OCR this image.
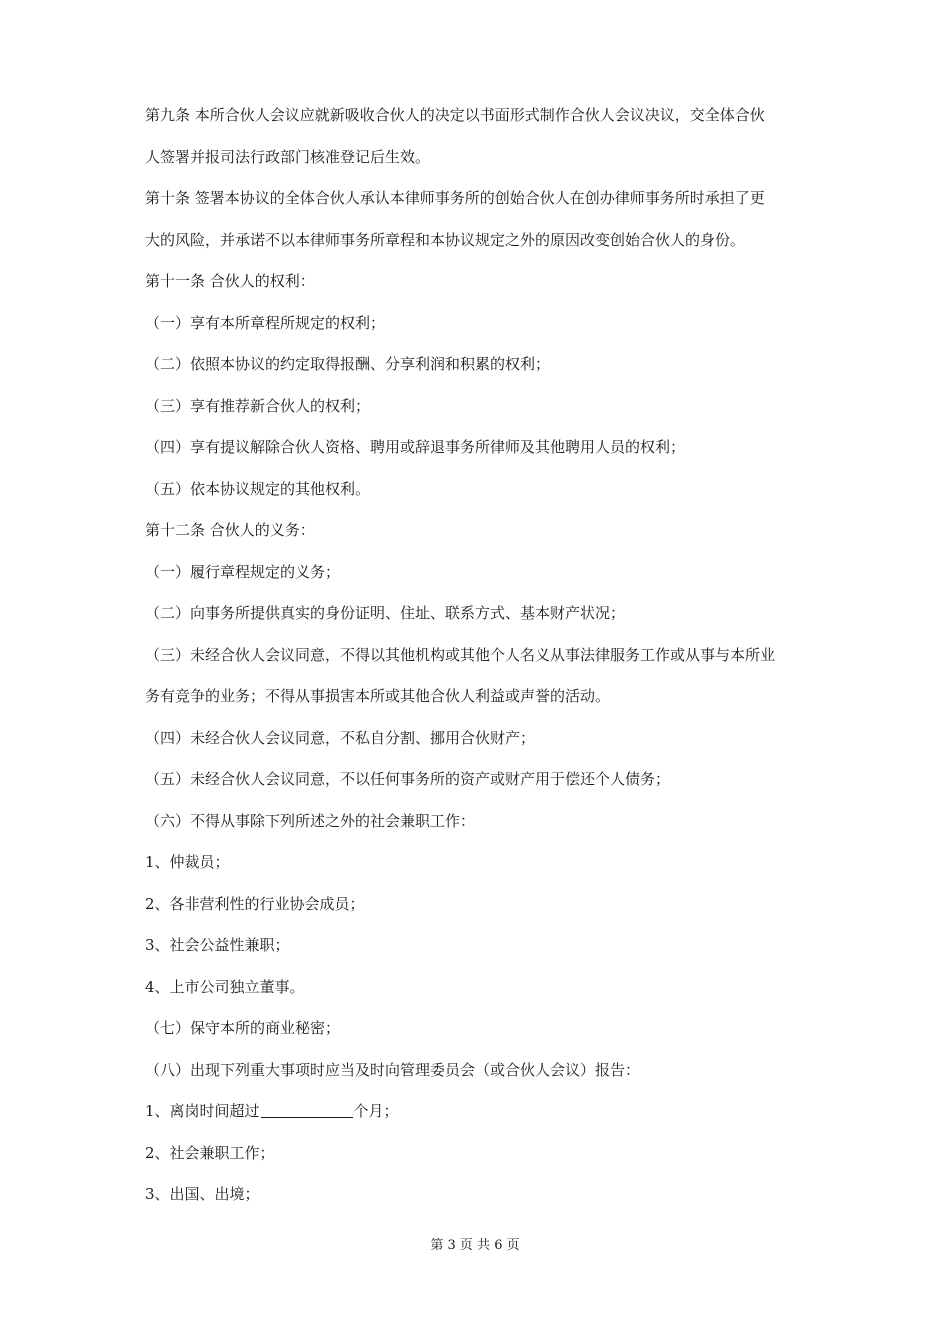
第九条 本所合伙人会议应就新吸收合伙人的决定以书面形式制作合伙人会议决议，交全体合伙
人签署并报司法行政部门核准登记后生效。
第十条 签署本协议的全体合伙人承认本律师事务所的创始合伙人在创办律师事务所时承担了更
大的风险，并承诺不以本律师事务所章程和本协议规定之外的原因改变创始合伙人的身份。
第十一条 合伙人的权利：
（一）享有本所章程所规定的权利；
（二）依照本协议的约定取得报酬、分享利润和积累的权利；
（三）享有推荐新合伙人的权利；
（四）享有提议解除合伙人资格、聘用或辞退事务所律师及其他聘用人员的权利；
（五）依本协议规定的其他权利。
第十二条 合伙人的义务：
（一）履行章程规定的义务；
（二）向事务所提供真实的身份证明、住址、联系方式、基本财产状况；
（三）未经合伙人会议同意，不得以其他机构或其他个人名义从事法律服务工作或从事与本所业
务有竞争的业务；不得从事损害本所或其他合伙人利益或声誉的活动。
（四）未经合伙人会议同意，不私自分割、挪用合伙财产；
（五）未经合伙人会议同意，不以任何事务所的资产或财产用于偿还个人债务；
（六）不得从事除下列所述之外的社会兼职工作：
1、仲裁员；
2、各非营利性的行业协会成员；
3、社会公益性兼职；
4、上市公司独立董事。
（七）保守本所的商业秘密；
（八）出现下列重大事项时应当及时向管理委员会（或合伙人会议）报告：
1、离岗时间超过	个月；
2、社会兼职工作；
3、出国、出境；
第 3 页 共 6 页
